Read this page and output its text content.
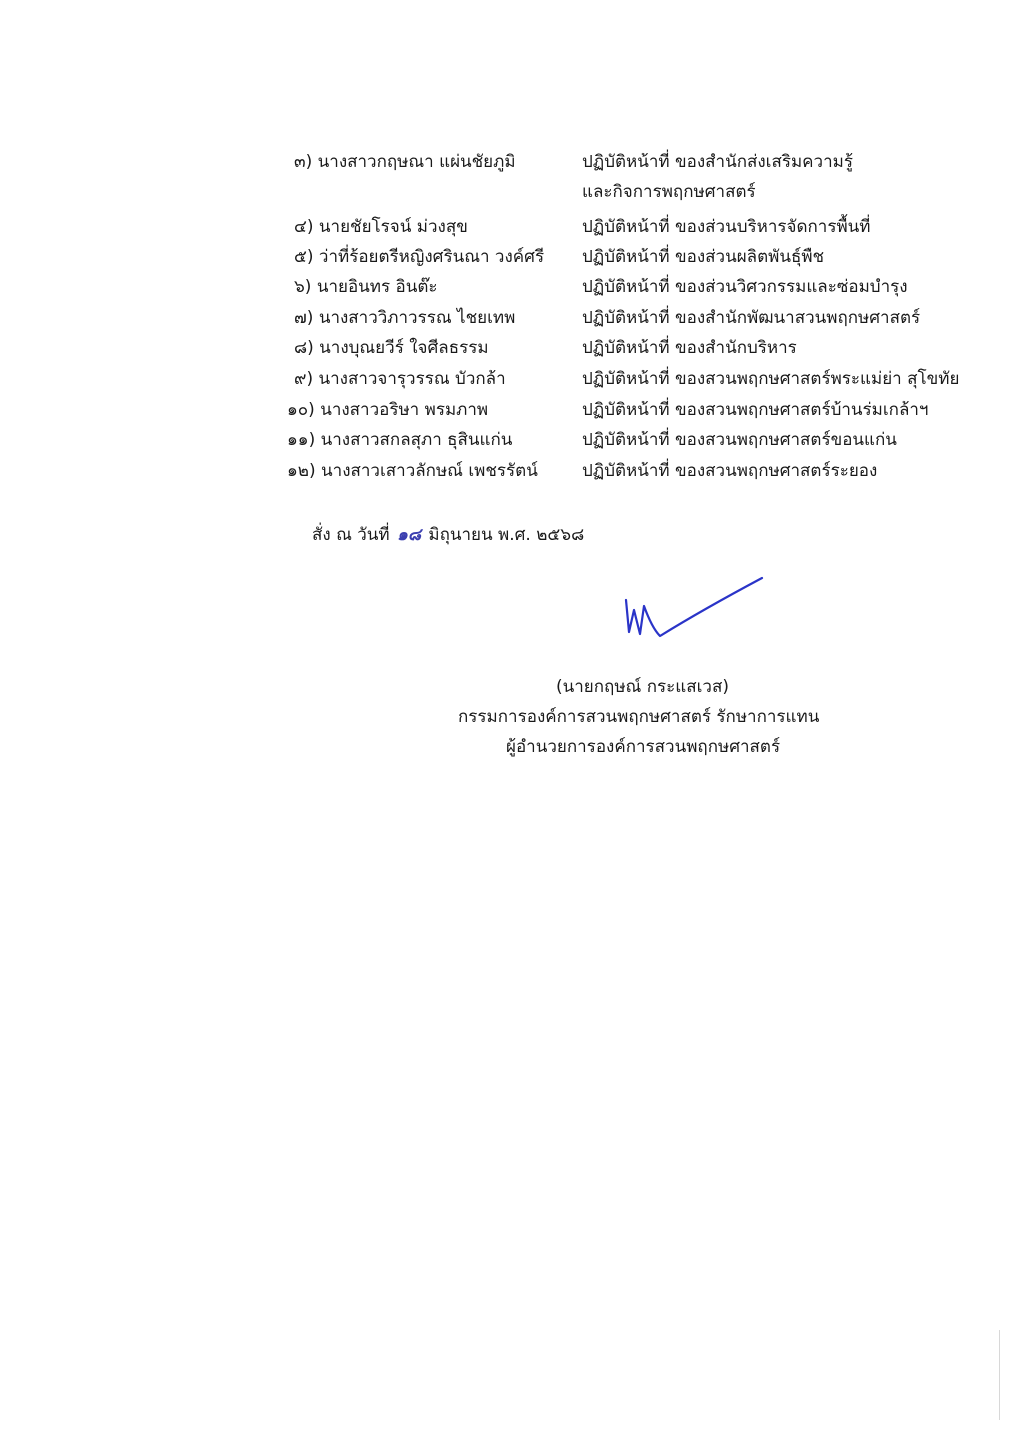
๓) นางสาวกฤษณา แผ่นชัยภูมิ	ปฏิบัติหน้าที่ ของสำนักส่งเสริมความรู้
และกิจการพฤกษศาสตร์
๔) นายชัยโรจน์ ม่วงสุข	ปฏิบัติหน้าที่ ของส่วนบริหารจัดการพื้นที่
๕) ว่าที่ร้อยตรีหญิงศรินณา วงค์ศรี ปฏิบัติหน้าที่ ของส่วนผลิตพันธุ์พืช
๖) นายอินทร อินต๊ะ	ปฏิบัติหน้าที่ ของส่วนวิศวกรรมและซ่อมบำรุง
๗) นางสาววิภาวรรณ ไชยเทพ	ปฏิบัติหน้าที่ ของสำนักพัฒนาสวนพฤกษศาสตร์
๘) นางบุณยวีร์ ใจศีลธรรม	ปฏิบัติหน้าที่ ของสำนักบริหาร
๙) นางสาวจารุวรรณ บัวกล้า	ปฏิบัติหน้าที่ ของสวนพฤกษศาสตร์พระแม่ย่า สุโขทัย
๑๐) นางสาวอริษา พรมภาพ	ปฏิบัติหน้าที่ ของสวนพฤกษศาสตร์บ้านร่มเกล้าฯ
๑๑) นางสาวสกลสุภา ธุสินแก่น	ปฏิบัติหน้าที่ ของสวนพฤกษศาสตร์ขอนแก่น
๑๒) นางสาวเสาวลักษณ์ เพชรรัตน์	ปฏิบัติหน้าที่ ของสวนพฤกษศาสตร์ระยอง
สั่ง ณ วันที่ ๑๘ มิถุนายน พ.ศ. ๒๕๖๘
(นายกฤษณ์ กระแสเวส)
กรรมการองค์การสวนพฤกษศาสตร์ รักษาการแทน
ผู้อำนวยการองค์การสวนพฤกษศาสตร์
